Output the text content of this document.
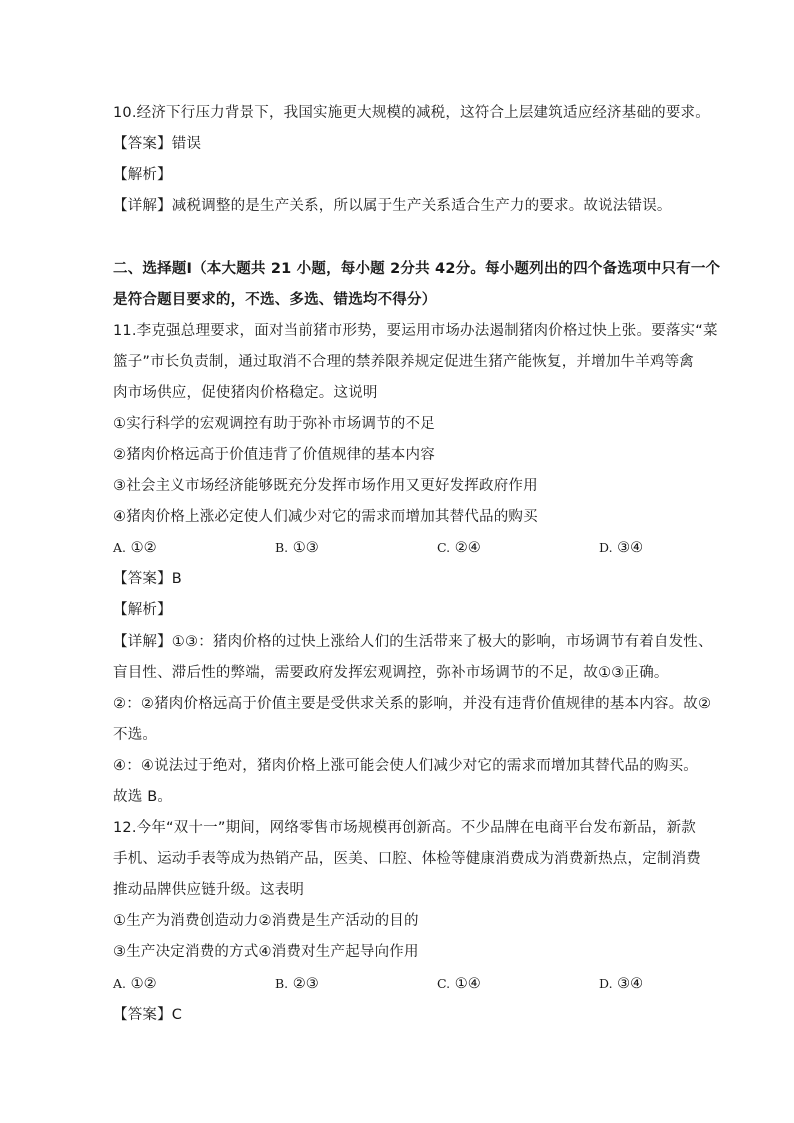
10.经济下行压力背景下，我国实施更大规模的减税，这符合上层建筑适应经济基础的要求。
【答案】错误
【解析】
【详解】减税调整的是生产关系，所以属于生产关系适合生产力的要求。故说法错误。
二、选择题Ⅰ（本大题共 21 小题，每小题 2分共 42分。每小题列出的四个备选项中只有一个
是符合题目要求的，不选、多选、错选均不得分）
11.李克强总理要求，面对当前猪市形势，要运用市场办法遏制猪肉价格过快上张。要落实“菜
篮子”市长负责制，通过取消不合理的禁养限养规定促进生猪产能恢复，并增加牛羊鸡等禽
肉市场供应，促使猪肉价格稳定。这说明
①实行科学的宏观调控有助于弥补市场调节的不足
②猪肉价格远高于价值违背了价值规律的基本内容
③社会主义市场经济能够既充分发挥市场作用又更好发挥政府作用
④猪肉价格上涨必定使人们减少对它的需求而增加其替代品的购买
A. ①②	B. ①③	C. ②④	D. ③④
【答案】B
【解析】
【详解】①③：猪肉价格的过快上涨给人们的生活带来了极大的影响，市场调节有着自发性、
盲目性、滞后性的弊端，需要政府发挥宏观调控，弥补市场调节的不足，故①③正确。
②：②猪肉价格远高于价值主要是受供求关系的影响，并没有违背价值规律的基本内容。故②
不选。
④：④说法过于绝对，猪肉价格上涨可能会使人们减少对它的需求而增加其替代品的购买。
故选 B。
12.今年“双十一”期间，网络零售市场规模再创新高。不少品牌在电商平台发布新品，新款
手机、运动手表等成为热销产品，医美、口腔、体检等健康消费成为消费新热点，定制消费
推动品牌供应链升级。这表明
①生产为消费创造动力②消费是生产活动的目的
③生产决定消费的方式④消费对生产起导向作用
A. ①②	B. ②③	C. ①④	D. ③④
【答案】C
